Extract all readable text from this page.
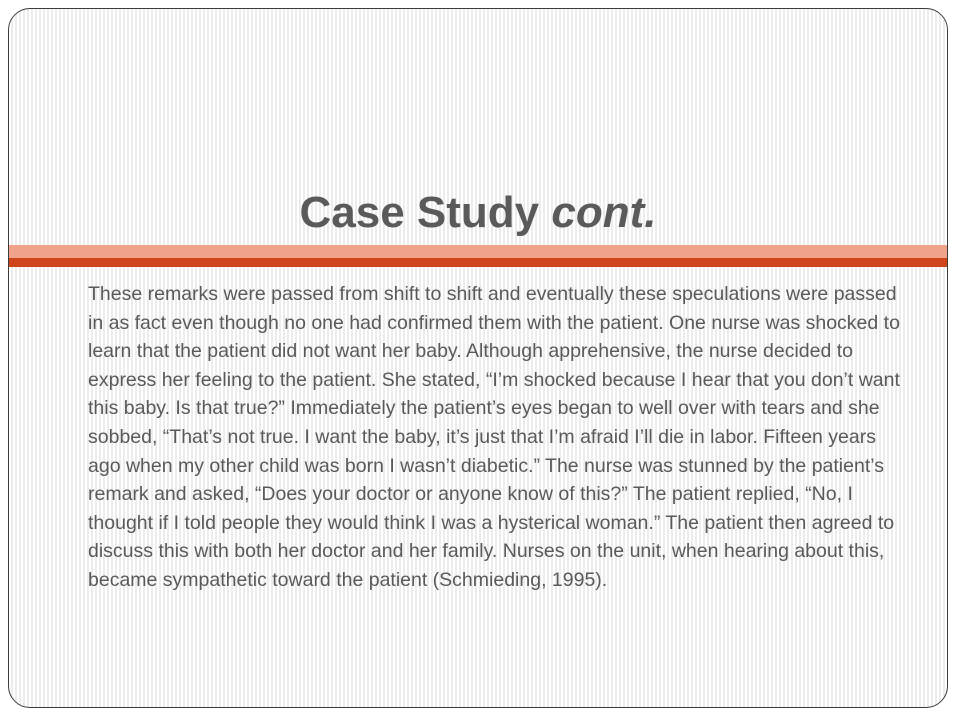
Case Study cont.

These remarks were passed from shift to shift and eventually these speculations were passed in as fact even though no one had confirmed them with the patient. One nurse was shocked to learn that the patient did not want her baby. Although apprehensive, the nurse decided to express her feeling to the patient. She stated, “I’m shocked because I hear that you don’t want this baby. Is that true?” Immediately the patient’s eyes began to well over with tears and she sobbed, “That’s not true. I want the baby, it’s just that I’m afraid I’ll die in labor. Fifteen years ago when my other child was born I wasn’t diabetic.” The nurse was stunned by the patient’s remark and asked, “Does your doctor or anyone know of this?” The patient replied, “No, I thought if I told people they would think I was a hysterical woman.” The patient then agreed to discuss this with both her doctor and her family. Nurses on the unit, when hearing about this, became sympathetic toward the patient (Schmieding, 1995).
